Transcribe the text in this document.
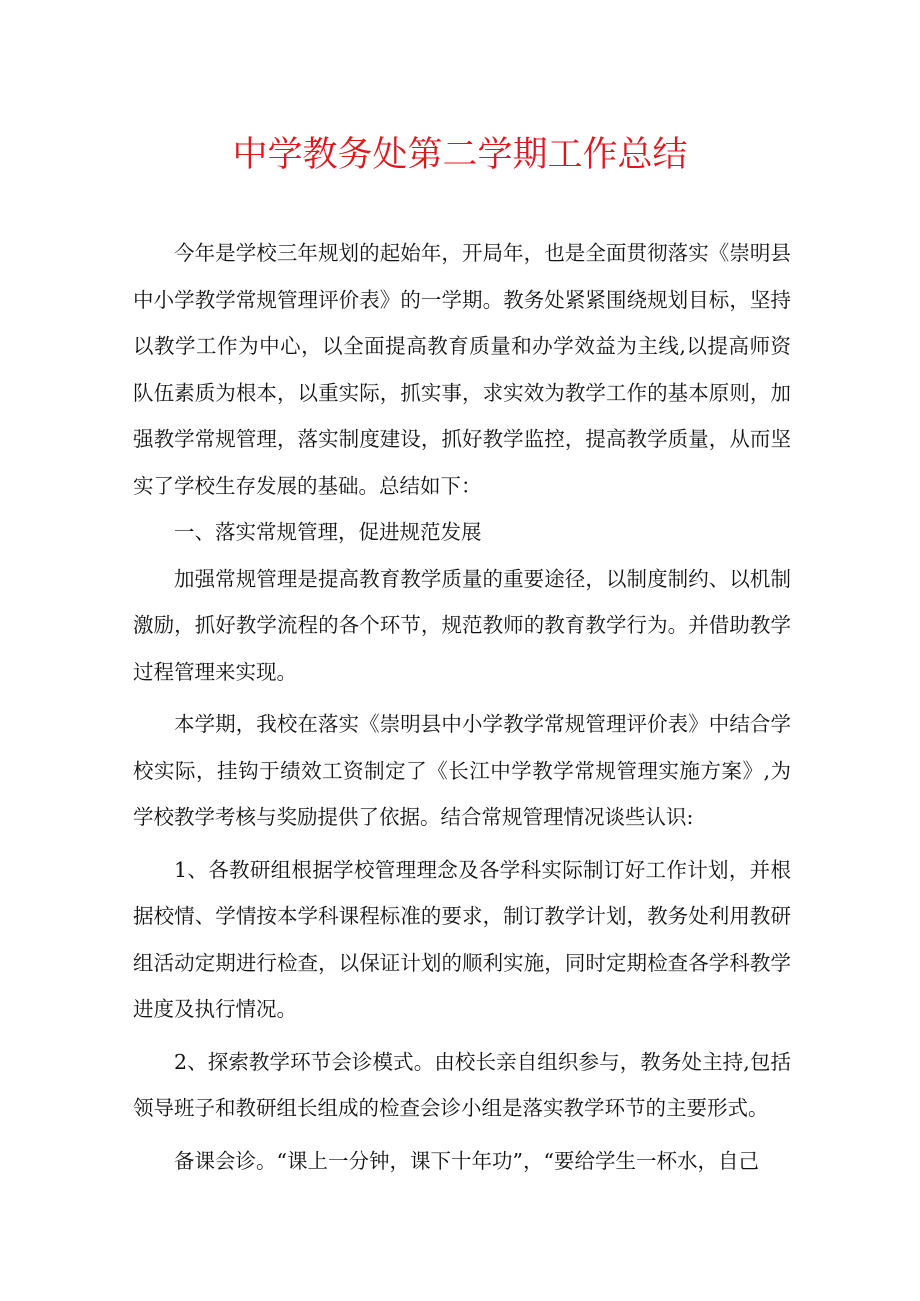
中学教务处第二学期工作总结

今年是学校三年规划的起始年，开局年，也是全面贯彻落实《崇明县中小学教学常规管理评价表》的一学期。教务处紧紧围绕规划目标，坚持以教学工作为中心，以全面提高教育质量和办学效益为主线,以提高师资队伍素质为根本，以重实际，抓实事，求实效为教学工作的基本原则，加强教学常规管理，落实制度建设，抓好教学监控，提高教学质量，从而坚实了学校生存发展的基础。总结如下：

一、落实常规管理，促进规范发展

加强常规管理是提高教育教学质量的重要途径，以制度制约、以机制激励，抓好教学流程的各个环节，规范教师的教育教学行为。并借助教学过程管理来实现。

本学期，我校在落实《崇明县中小学教学常规管理评价表》中结合学校实际，挂钩于绩效工资制定了《长江中学教学常规管理实施方案》,为学校教学考核与奖励提供了依据。结合常规管理情况谈些认识:

1、各教研组根据学校管理理念及各学科实际制订好工作计划，并根据校情、学情按本学科课程标准的要求，制订教学计划，教务处利用教研组活动定期进行检查，以保证计划的顺利实施，同时定期检查各学科教学进度及执行情况。

2、探索教学环节会诊模式。由校长亲自组织参与，教务处主持,包括领导班子和教研组长组成的检查会诊小组是落实教学环节的主要形式。

备课会诊。“课上一分钟，课下十年功”，“要给学生一杯水，自己
